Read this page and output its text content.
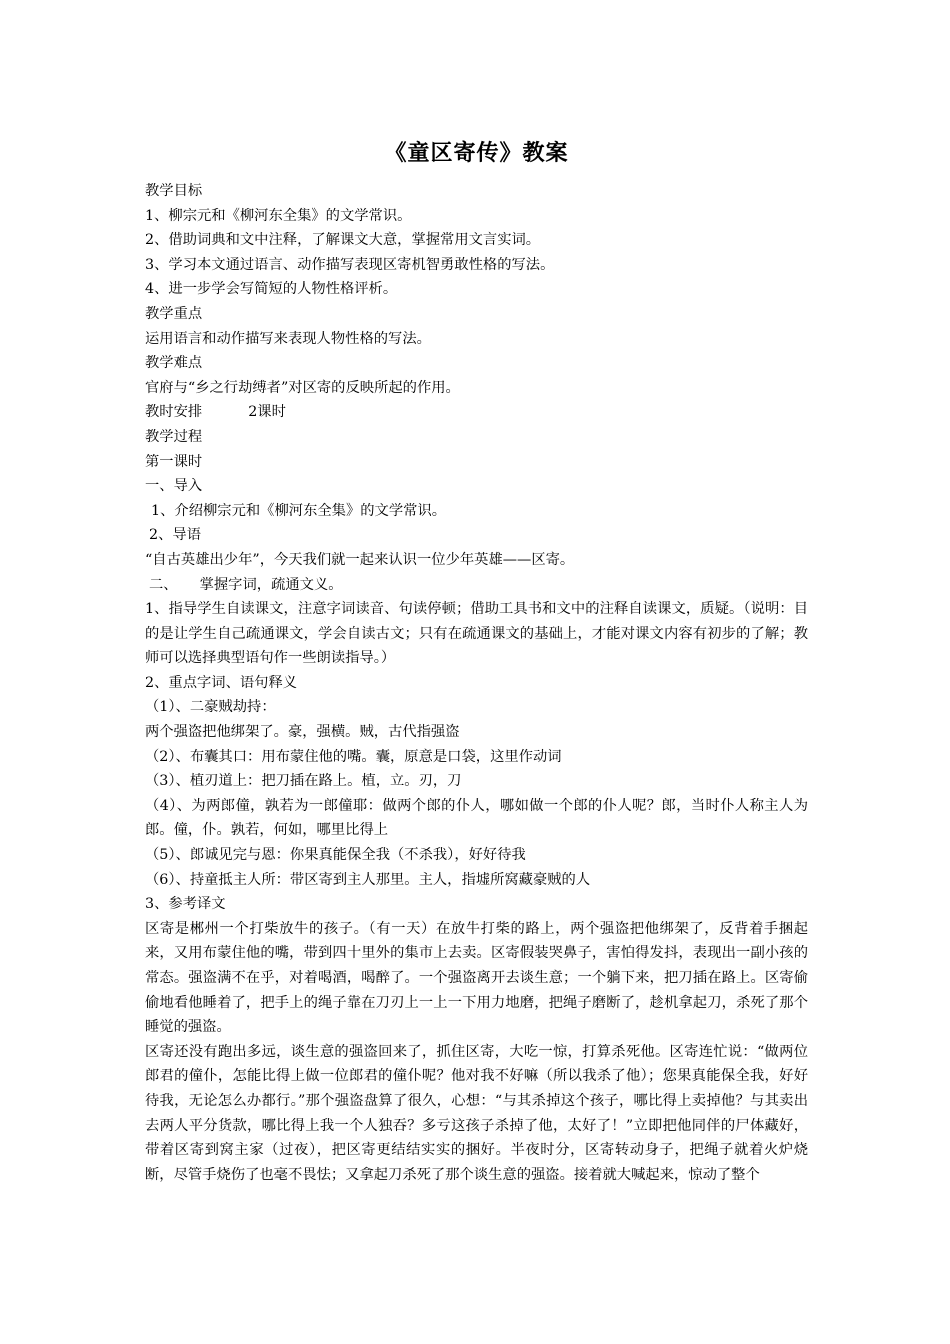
《童区寄传》教案
教学目标
1、柳宗元和《柳河东全集》的文学常识。
2、借助词典和文中注释，了解课文大意，掌握常用文言实词。
3、学习本文通过语言、动作描写表现区寄机智勇敢性格的写法。
4、进一步学会写简短的人物性格评析。
教学重点
运用语言和动作描写来表现人物性格的写法。
教学难点
官府与“乡之行劫缚者”对区寄的反映所起的作用。
教时安排	2课时
教学过程
第一课时
一、导入
1、介绍柳宗元和《柳河东全集》的文学常识。
2、导语
“自古英雄出少年”，今天我们就一起来认识一位少年英雄——区寄。
二、 掌握字词，疏通文义。
1、指导学生自读课文，注意字词读音、句读停顿；借助工具书和文中的注释自读课文，质疑。（说明：目的是让学生自己疏通课文，学会自读古文；只有在疏通课文的基础上，才能对课文内容有初步的了解；教师可以选择典型语句作一些朗读指导。）
2、重点字词、语句释义
（1）、二豪贼劫持：
两个强盗把他绑架了。豪，强横。贼，古代指强盗
（2）、布囊其口：用布蒙住他的嘴。囊，原意是口袋，这里作动词
（3）、植刃道上：把刀插在路上。植，立。刃，刀
（4）、为两郎僮，孰若为一郎僮耶：做两个郎的仆人，哪如做一个郎的仆人呢？郎，当时仆人称主人为郎。僮，仆。孰若，何如，哪里比得上
（5）、郎诚见完与恩：你果真能保全我（不杀我），好好待我
（6）、持童抵主人所：带区寄到主人那里。主人，指墟所窝藏豪贼的人
3、参考译文
区寄是郴州一个打柴放牛的孩子。（有一天）在放牛打柴的路上，两个强盗把他绑架了，反背着手捆起来，又用布蒙住他的嘴，带到四十里外的集市上去卖。区寄假装哭鼻子，害怕得发抖，表现出一副小孩的常态。强盗满不在乎，对着喝酒，喝醉了。一个强盗离开去谈生意；一个躺下来，把刀插在路上。区寄偷偷地看他睡着了，把手上的绳子靠在刀刃上一上一下用力地磨，把绳子磨断了，趁机拿起刀，杀死了那个睡觉的强盗。
区寄还没有跑出多远，谈生意的强盗回来了，抓住区寄，大吃一惊，打算杀死他。区寄连忙说：“做两位郎君的僮仆，怎能比得上做一位郎君的僮仆呢？他对我不好嘛（所以我杀了他）；您果真能保全我，好好待我，无论怎么办都行。”那个强盗盘算了很久，心想：“与其杀掉这个孩子，哪比得上卖掉他？与其卖出去两人平分货款，哪比得上我一个人独吞？多亏这孩子杀掉了他，太好了！”立即把他同伴的尸体藏好，带着区寄到窝主家（过夜），把区寄更结结实实的捆好。半夜时分，区寄转动身子，把绳子就着火炉烧断，尽管手烧伤了也毫不畏怯；又拿起刀杀死了那个谈生意的强盗。接着就大喊起来，惊动了整个
